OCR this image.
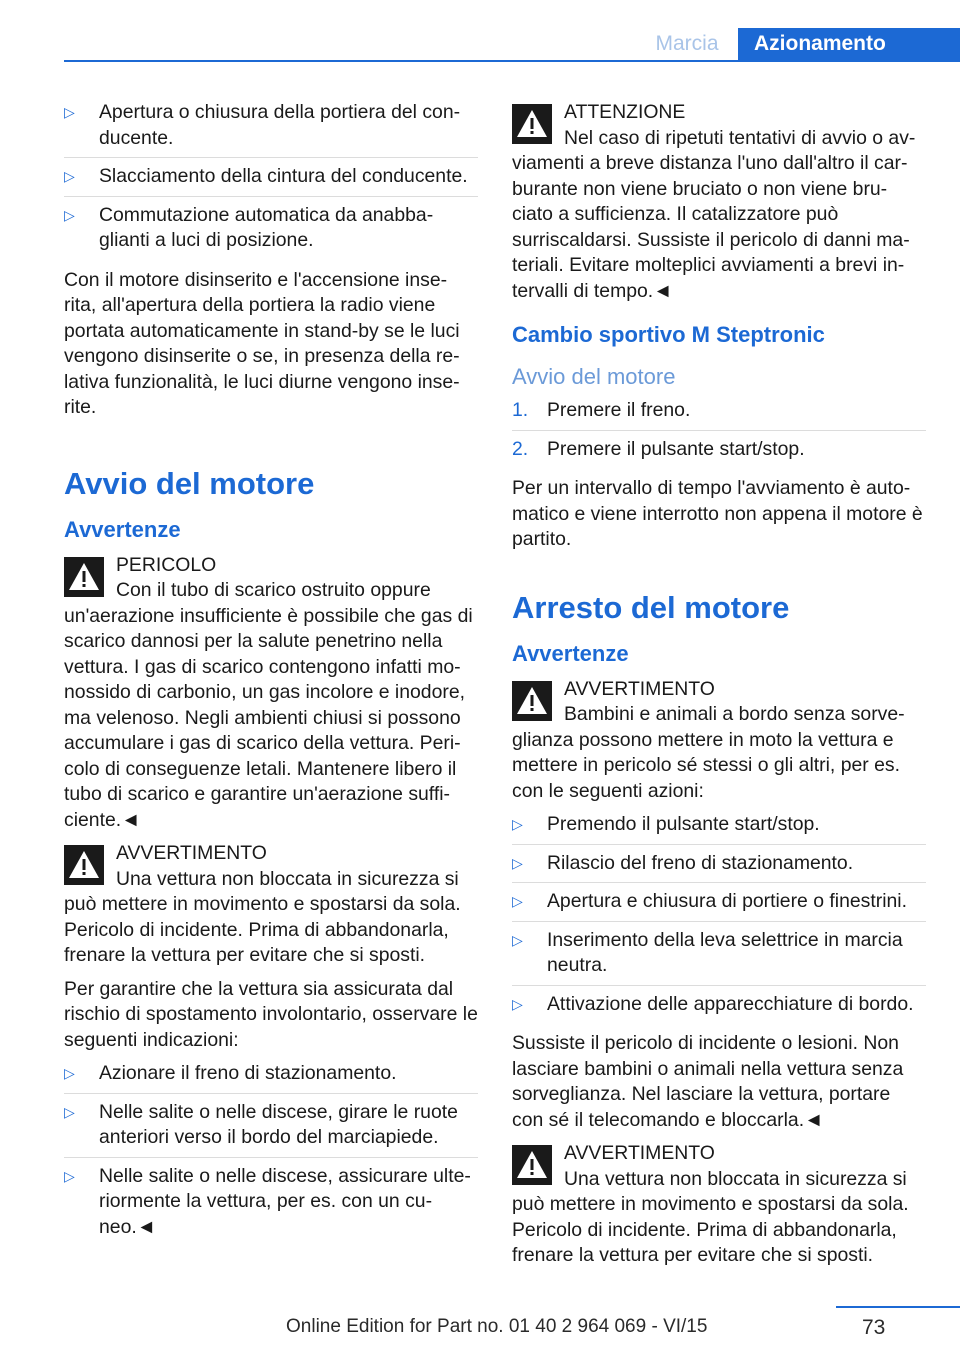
Marcia	Azionamento
▷ Apertura o chiusura della portiera del con-ducente.
▷ Slacciamento della cintura del conducente.
▷ Commutazione automatica da anabba-glianti a luci di posizione.

Con il motore disinserito e l'accensione inse-rita, all'apertura della portiera la radio viene portata automaticamente in stand-by se le luci vengono disinserite o se, in presenza della re-lativa funzionalità, le luci diurne vengono inse-rite.

Avvio del motore
Avvertenze
PERICOLO
Con il tubo di scarico ostruito oppure un'aerazione insufficiente è possibile che gas di scarico dannosi per la salute penetrino nella vettura. I gas di scarico contengono infatti mo-nossido di carbonio, un gas incolore e inodore, ma velenoso. Negli ambienti chiusi si possono accumulare i gas di scarico della vettura. Peri-colo di conseguenze letali. Mantenere libero il tubo di scarico e garantire un'aerazione suffi-ciente.◄
AVVERTIMENTO
Una vettura non bloccata in sicurezza si può mettere in movimento e spostarsi da sola. Pericolo di incidente. Prima di abbandonarla, frenare la vettura per evitare che si sposti.

Per garantire che la vettura sia assicurata dal rischio di spostamento involontario, osservare le seguenti indicazioni:

▷ Azionare il freno di stazionamento.
▷ Nelle salite o nelle discese, girare le ruote anteriori verso il bordo del marciapiede.
▷ Nelle salite o nelle discese, assicurare ulte-riormente la vettura, per es. con un cu-neo.◄
ATTENZIONE
Nel caso di ripetuti tentativi di avvio o av-viamenti a breve distanza l'uno dall'altro il car-burante non viene bruciato o non viene bru-ciato a sufficienza. Il catalizzatore può surriscaldarsi. Sussiste il pericolo di danni ma-teriali. Evitare molteplici avviamenti a brevi in-tervalli di tempo.◄
Cambio sportivo M Steptronic
Avvio del motore
1. Premere il freno.
2. Premere il pulsante start/stop.

Per un intervallo di tempo l'avviamento è auto-matico e viene interrotto non appena il motore è partito.

Arresto del motore
Avvertenze
AVVERTIMENTO
Bambini e animali a bordo senza sorve-glianza possono mettere in moto la vettura e mettere in pericolo sé stessi o gli altri, per es. con le seguenti azioni:
▷ Premendo il pulsante start/stop.
▷ Rilascio del freno di stazionamento.
▷ Apertura e chiusura di portiere o finestrini.
▷ Inserimento della leva selettrice in marcia neutra.
▷ Attivazione delle apparecchiature di bordo.

Sussiste il pericolo di incidente o lesioni. Non lasciare bambini o animali nella vettura senza sorveglianza. Nel lasciare la vettura, portare con sé il telecomando e bloccarla.◄

AVVERTIMENTO
Una vettura non bloccata in sicurezza si può mettere in movimento e spostarsi da sola. Pericolo di incidente. Prima di abbandonarla, frenare la vettura per evitare che si sposti.
73
Online Edition for Part no. 01 40 2 964 069 - VI/15
